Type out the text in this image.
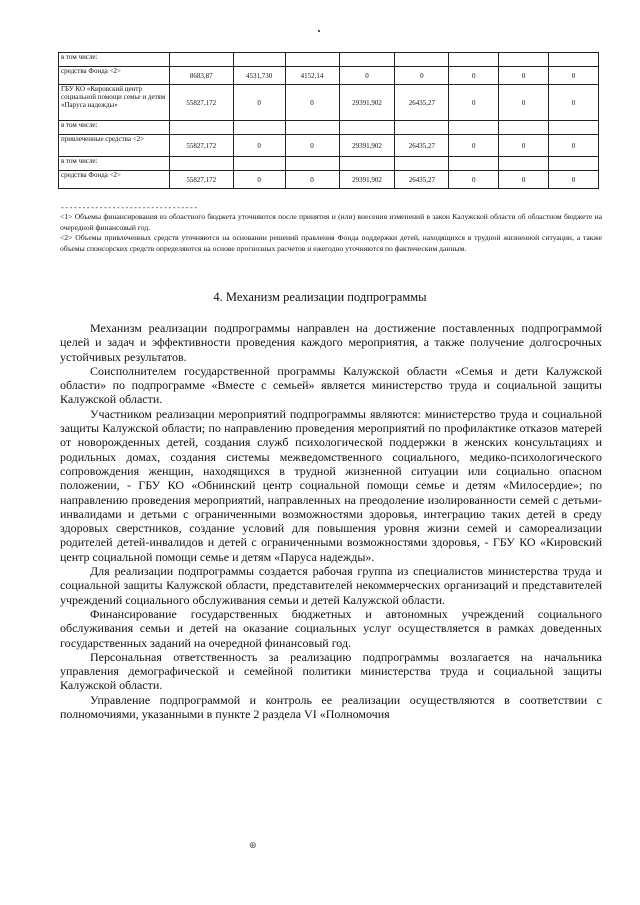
в том числе:								
средства Фонда <2>	8683,87	4531,730	4152,14	0	0	0	0	0
ГБУ КО «Кировский центр социальной помощи семье и детям «Паруса надежды»	55827,172	0	0	29391,902	26435,27	0	0	0
в том числе:								
привлеченные средства <2>	55827,172	0	0	29391,902	26435,27	0	0	0
в том числе:								
средства Фонда <2>	55827,172	0	0	29391,902	26435,27	0	0	0
--------------------------------

<1> Объемы финансирования из областного бюджета уточняются после принятия и (или) внесения изменений в закон Калужской области об областном бюджете на очередной финансовый год.

<2> Объемы привлеченных средств уточняются на основании решений правления Фонда поддержки детей, находящихся в трудной жизненной ситуации, а также объемы спонсорских средств определяются на основе прогнозных расчетов и ежегодно уточняются по фактическим данным.

4. Механизм реализации подпрограммы

Механизм реализации подпрограммы направлен на достижение поставленных подпрограммой целей и задач и эффективности проведения каждого мероприятия, а также получение долгосрочных устойчивых результатов.

Соисполнителем государственной программы Калужской области «Семья и дети Калужской области» по подпрограмме «Вместе с семьей» является министерство труда и социальной защиты Калужской области.

Участником реализации мероприятий подпрограммы являются: министерство труда и социальной защиты Калужской области; по направлению проведения мероприятий по профилактике отказов матерей от новорожденных детей, создания служб психологической поддержки в женских консультациях и родильных домах, создания системы межведомственного социального, медико-психологического сопровождения женщин, находящихся в трудной жизненной ситуации или социально опасном положении, - ГБУ КО «Обнинский центр социальной помощи семье и детям «Милосердие»; по направлению проведения мероприятий, направленных на преодоление изолированности семей с детьми-инвалидами и детьми с ограниченными возможностями здоровья, интеграцию таких детей в среду здоровых сверстников, создание условий для повышения уровня жизни семей и самореализации родителей детей-инвалидов и детей с ограниченными возможностями здоровья, - ГБУ КО «Кировский центр социальной помощи семье и детям «Паруса надежды».

Для реализации подпрограммы создается рабочая группа из специалистов министерства труда и социальной защиты Калужской области, представителей некоммерческих организаций и представителей учреждений социального обслуживания семьи и детей Калужской области.

Финансирование государственных бюджетных и автономных учреждений социального обслуживания семьи и детей на оказание социальных услуг осуществляется в рамках доведенных государственных заданий на очередной финансовый год.

Персональная ответственность за реализацию подпрограммы возлагается на начальника управления демографической и семейной политики министерства труда и социальной защиты Калужской области.

Управление подпрограммой и контроль ее реализации осуществляются в соответствии с полномочиями, указанными в пункте 2 раздела VI «Полномочия

⊛
